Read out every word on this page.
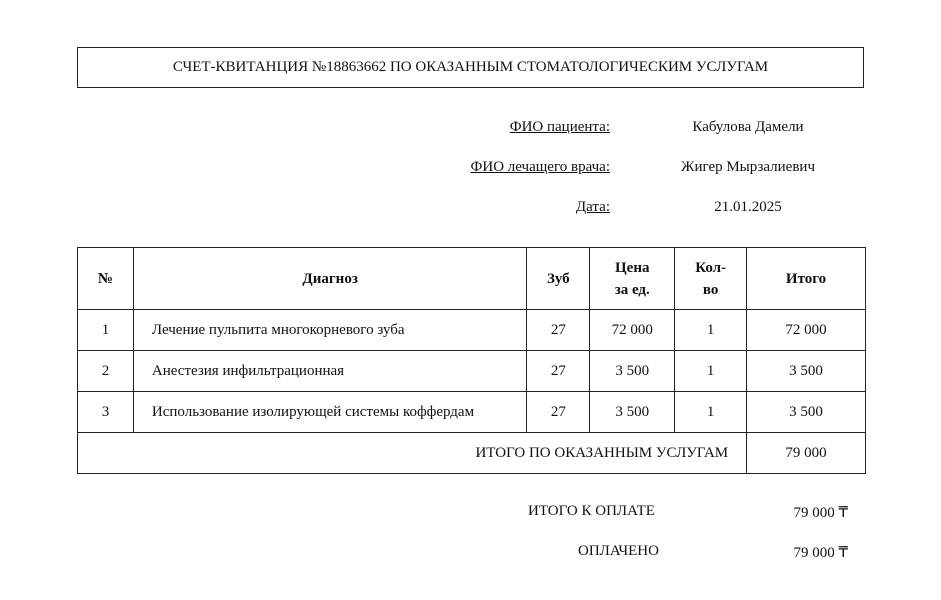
СЧЕТ-КВИТАНЦИЯ №18863662 ПО ОКАЗАННЫМ СТОМАТОЛОГИЧЕСКИМ УСЛУГАМ
ФИО пациента:	Кабулова Дамели
ФИО лечащего врача:	Жигер Мырзалиевич
Дата:	21.01.2025
№	Диагноз	Зуб	Цена за ед.	Кол-во	Итого
1	Лечение пульпита многокорневого зуба	27	72 000	1	72 000
2	Анестезия инфильтрационная	27	3 500	1	3 500
3	Использование изолирующей системы коффердам	27	3 500	1	3 500
ИТОГО ПО ОКАЗАННЫМ УСЛУГАМ					79 000
ИТОГО К ОПЛАТЕ	79 000 ₸
ОПЛАЧЕНО	79 000 ₸
